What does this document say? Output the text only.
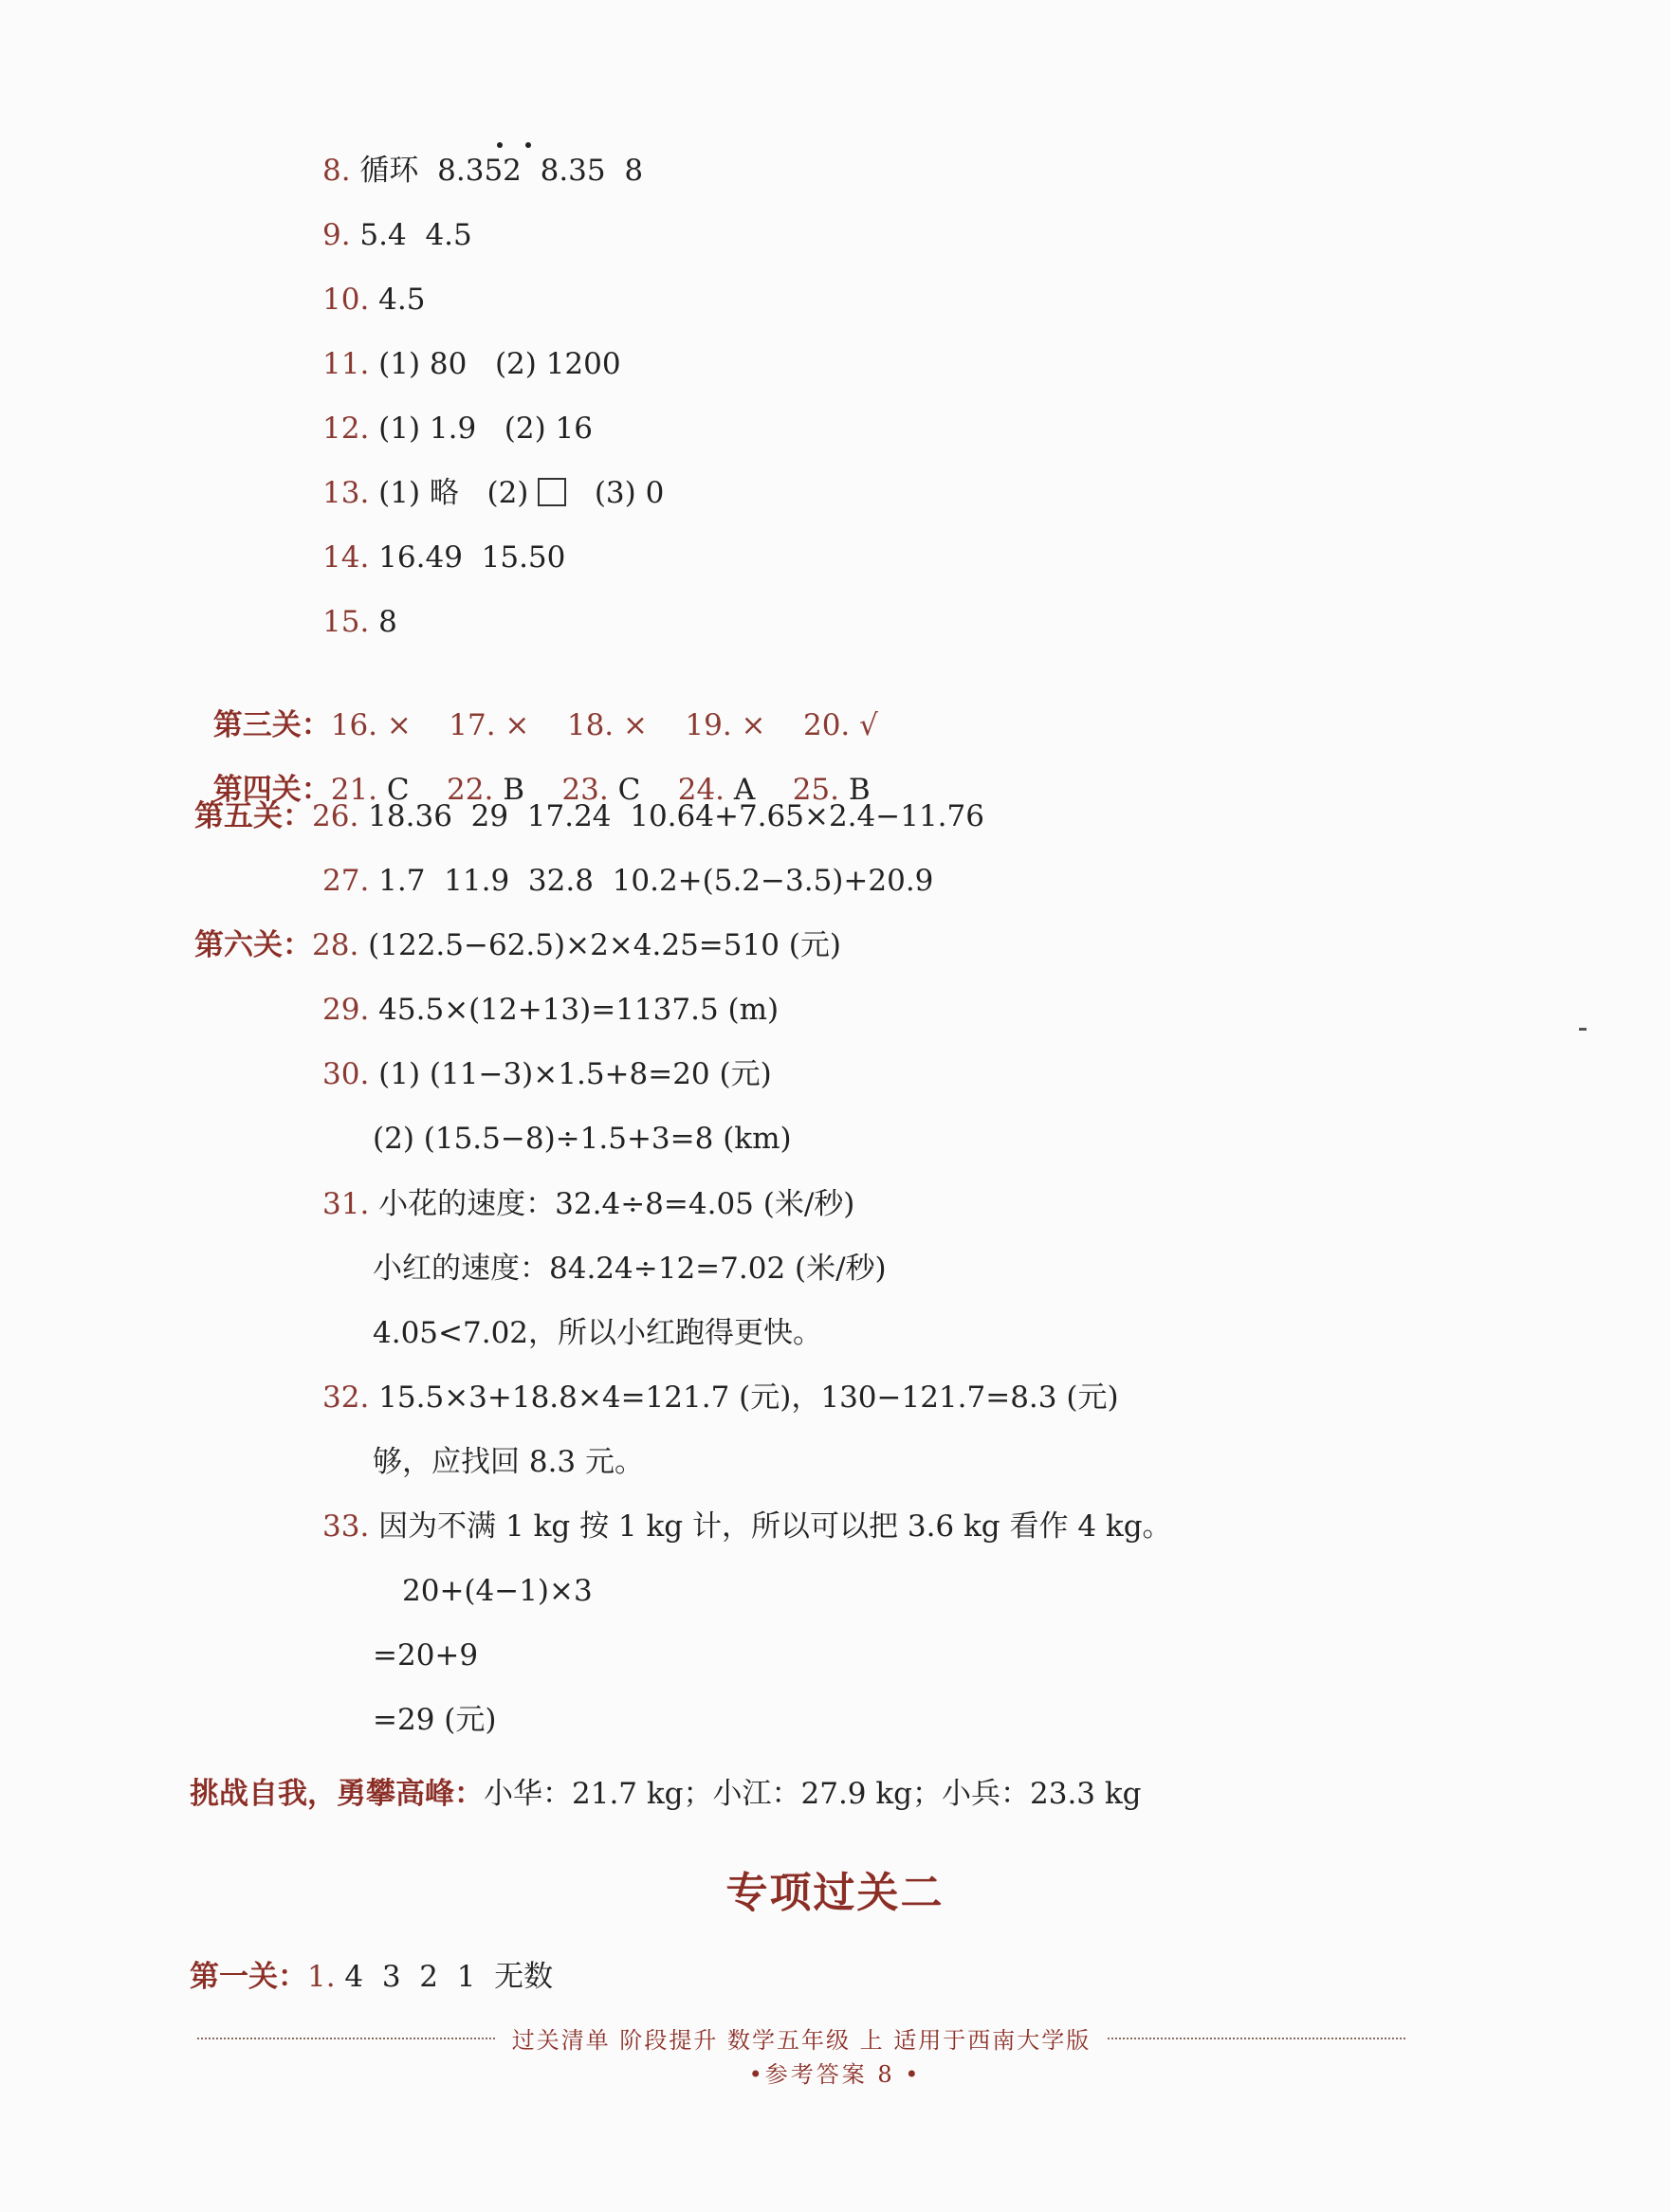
8. 循环  8.352  8.35  8
9. 5.4  4.5
10. 4.5
11. (1) 80   (2) 1200
12. (1) 1.9   (2) 16
13. (1) 略   (2)    (3) 0
14. 16.49  15.50
15. 8

第三关：16. × 17. × 18. × 19. × 20. √

第四关：21. C 22. B 23. C 24. A 25. B

第五关：26. 18.36  29  17.24  10.64+7.65×2.4−11.76
27. 1.7  11.9  32.8  10.2+(5.2−3.5)+20.9
第六关：28. (122.5−62.5)×2×4.25=510 (元)
29. 45.5×(12+13)=1137.5 (m)
30. (1) (11−3)×1.5+8=20 (元)
(2) (15.5−8)÷1.5+3=8 (km)
31. 小花的速度：32.4÷8=4.05 (米/秒)
小红的速度：84.24÷12=7.02 (米/秒)
4.05<7.02，所以小红跑得更快。
32. 15.5×3+18.8×4=121.7 (元)，130−121.7=8.3 (元)
够，应找回 8.3 元。
33. 因为不满 1 kg 按 1 kg 计，所以可以把 3.6 kg 看作 4 kg。
20+(4−1)×3
=20+9
=29 (元)
挑战自我，勇攀高峰：小华：21.7 kg；小江：27.9 kg；小兵：23.3 kg
专项过关二
第一关：1. 4  3  2  1  无数
过关清单 阶段提升 数学五年级 上 适用于西南大学版
•参考答案 8 •
